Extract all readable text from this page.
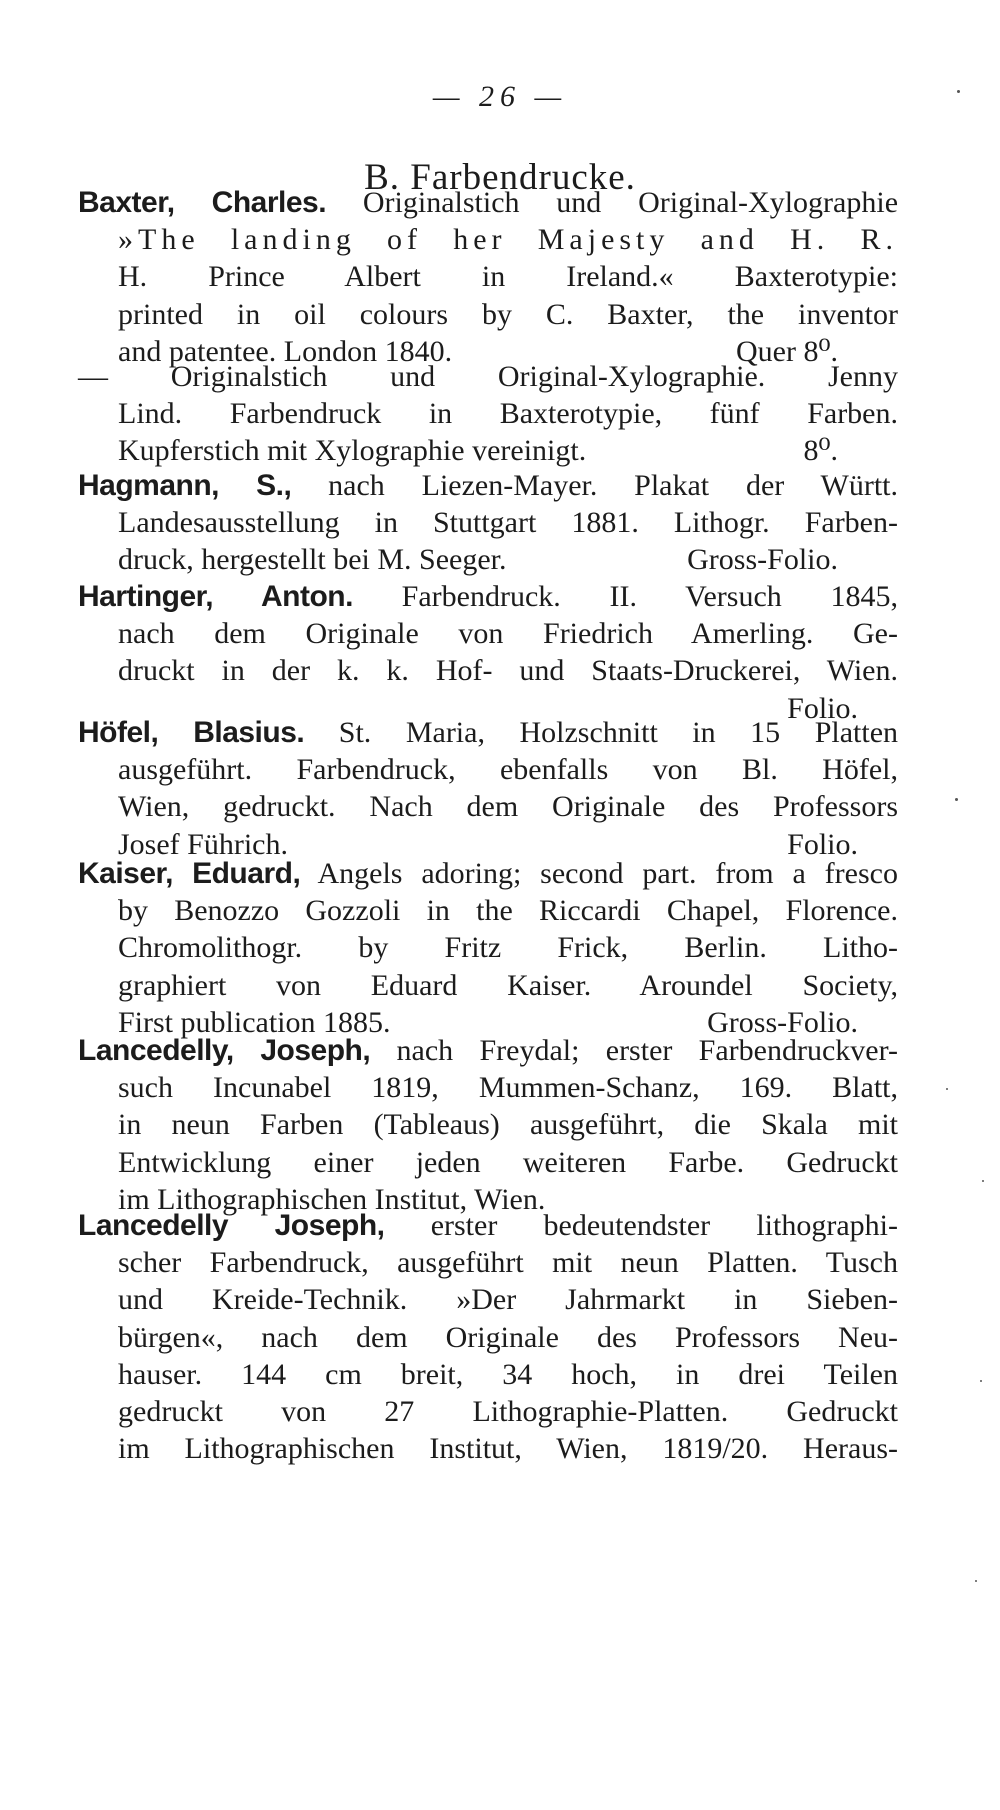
— 26 —
B. Farbendrucke.
Baxter, Charles. Originalstich und Original-Xylographie
»The landing of her Majesty and H. R.
H. Prince Albert in Ireland.« Baxterotypie:
printed in oil colours by C. Baxter, the inventor
and patentee. London 1840.	Quer 8⁰.
— Originalstich und Original-Xylographie. Jenny
Lind. Farbendruck in Baxterotypie, fünf Farben.
Kupferstich mit Xylographie vereinigt.	8⁰.
Hagmann, S., nach Liezen-Mayer. Plakat der Württ.
Landesausstellung in Stuttgart 1881. Lithogr. Farben-
druck, hergestellt bei M. Seeger.	Gross-Folio.
Hartinger, Anton. Farbendruck. II. Versuch 1845,
nach dem Originale von Friedrich Amerling. Ge-
druckt in der k. k. Hof- und Staats-Druckerei, Wien.
Folio.
Höfel, Blasius. St. Maria, Holzschnitt in 15 Platten
ausgeführt. Farbendruck, ebenfalls von Bl. Höfel,
Wien, gedruckt. Nach dem Originale des Professors
Josef Führich.	Folio.
Kaiser, Eduard, Angels adoring; second part. from a fresco
by Benozzo Gozzoli in the Riccardi Chapel, Florence.
Chromolithogr. by Fritz Frick, Berlin. Litho-
graphiert von Eduard Kaiser. Aroundel Society,
First publication 1885.	Gross-Folio.
Lancedelly, Joseph, nach Freydal; erster Farbendruckver-
such Incunabel 1819, Mummen-Schanz, 169. Blatt,
in neun Farben (Tableaus) ausgeführt, die Skala mit
Entwicklung einer jeden weiteren Farbe. Gedruckt
im Lithographischen Institut, Wien.
Lancedelly Joseph, erster bedeutendster lithographi-
scher Farbendruck, ausgeführt mit neun Platten. Tusch
und Kreide-Technik. »Der Jahrmarkt in Sieben-
bürgen«, nach dem Originale des Professors Neu-
hauser. 144 cm breit, 34 hoch, in drei Teilen
gedruckt von 27 Lithographie-Platten. Gedruckt
im Lithographischen Institut, Wien, 1819/20. Heraus-
